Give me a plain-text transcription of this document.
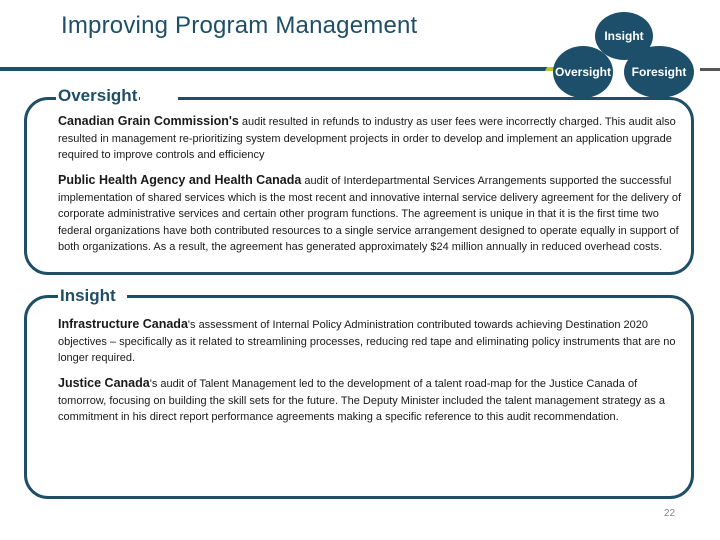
Improving Program Management	Insight
Oversight	Foresight
Oversight
Canadian Grain Commission's audit resulted in refunds to industry as user fees were incorrectly charged. This audit also resulted in management re-prioritizing system development projects in order to develop and implement an application upgrade required to improve controls and efficiency
Public Health Agency and Health Canada audit of Interdepartmental Services Arrangements supported the successful implementation of shared services which is the most recent and innovative internal service delivery agreement for the delivery of corporate administrative services and certain other program functions. The agreement is unique in that it is the first time two federal organizations have both contributed resources to a single service arrangement designed to operate equally in support of both organizations. As a result, the agreement has generated approximately $24 million annually in reduced overhead costs.
Insight
Infrastructure Canada's assessment of Internal Policy Administration contributed towards achieving Destination 2020 objectives – specifically as it related to streamlining processes, reducing red tape and eliminating policy instruments that are no longer required.
Justice Canada's audit of Talent Management led to the development of a talent road-map for the Justice Canada of tomorrow, focusing on building the skill sets for the future. The Deputy Minister included the talent management strategy as a commitment in his direct report performance agreements making a specific reference to this audit recommendation.
22
